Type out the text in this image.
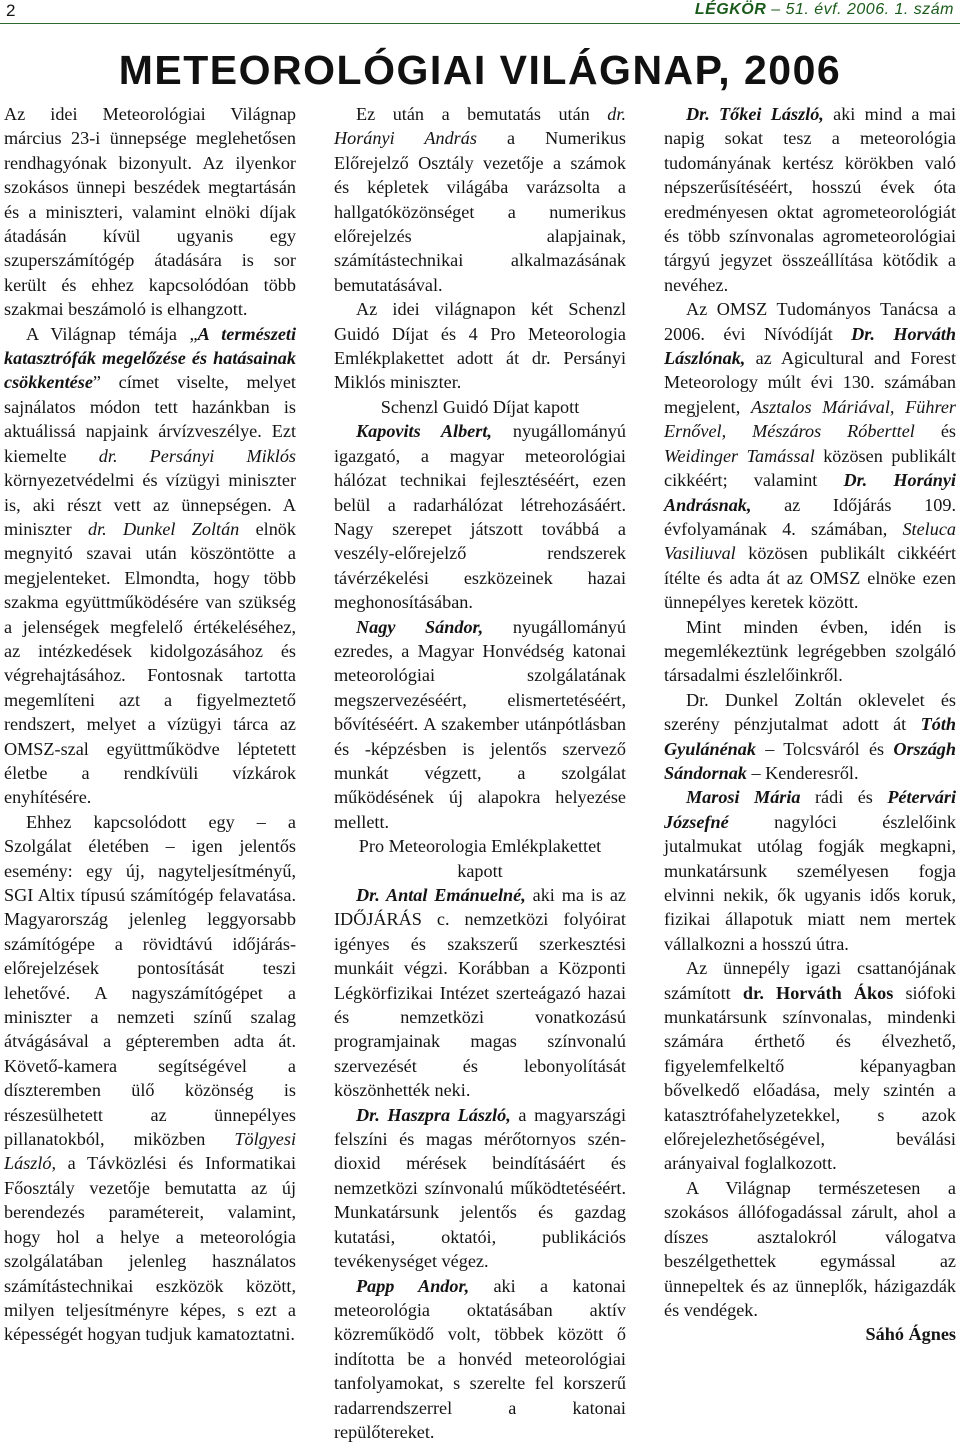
2	LÉGKÖR – 51. évf. 2006. 1. szám
METEOROLÓGIAI VILÁGNAP, 2006

Az idei Meteorológiai Világnap március 23-i ünnepsége meglehetősen rendhagyónak bizonyult. Az ilyenkor szokásos ünnepi beszédek megtartásán és a miniszteri, valamint elnöki díjak átadásán kívül ugyanis egy szuperszámítógép átadására is sor került és ehhez kapcsolódóan több szakmai beszámoló is elhangzott.

A Világnap témája „A természeti katasztrófák megelőzése és hatásainak csökkentése” címet viselte, melyet sajnálatos módon tett hazánkban is aktuálissá napjaink árvízveszélye. Ezt kiemelte dr. Persányi Miklós környezetvédelmi és vízügyi miniszter is, aki részt vett az ünnepségen. A miniszter dr. Dunkel Zoltán elnök megnyitó szavai után köszöntötte a megjelenteket. Elmondta, hogy több szakma együttműködésére van szükség a jelenségek megfelelő értékeléséhez, az intézkedések kidolgozásához és végrehajtásához. Fontosnak tartotta megemlíteni azt a figyelmeztető rendszert, melyet a vízügyi tárca az OMSZ-szal együttműködve léptetett életbe a rendkívüli vízkárok enyhítésére.

Ehhez kapcsolódott egy – a Szolgálat életében – igen jelentős esemény: egy új, nagyteljesítményű, SGI Altix típusú számítógép felavatása. Magyarország jelenleg leggyorsabb számítógépe a rövidtávú időjárás-előrejelzések pontosítását teszi lehetővé. A nagyszámítógépet a miniszter a nemzeti színű szalag átvágásával a gépteremben adta át. Követő-kamera segítségével a díszteremben ülő közönség is részesülhetett az ünnepélyes pillanatokból, miközben Tölgyesi László, a Távközlési és Informatikai Főosztály vezetője bemutatta az új berendezés paramétereit, valamint, hogy hol a helye a meteorológia szolgálatában jelenleg használatos számítástechnikai eszközök között, milyen teljesítményre képes, s ezt a képességét hogyan tudjuk kamatoztatni.

Ez után a bemutatás után dr. Horányi András a Numerikus Előrejelző Osztály vezetője a számok és képletek világába varázsolta a hallgatóközönséget a numerikus előrejelzés alapjainak, számítástechnikai alkalmazásának bemutatásával.

Az idei világnapon két Schenzl Guidó Díjat és 4 Pro Meteorologia Emlékplakettet adott át dr. Persányi Miklós miniszter.

Schenzl Guidó Díjat kapott

Kapovits Albert, nyugállományú igazgató, a magyar meteorológiai hálózat technikai fejlesztéséért, ezen belül a radarhálózat létrehozásáért. Nagy szerepet játszott továbbá a veszély-előrejelző rendszerek távérzékelési eszközeinek hazai meghonosításában.

Nagy Sándor, nyugállományú ezredes, a Magyar Honvédség katonai meteorológiai szolgálatának megszervezéséért, elismertetéséért, bővítéséért. A szakember utánpótlásban és -képzésben is jelentős szervező munkát végzett, a szolgálat működésének új alapokra helyezése mellett.

Pro Meteorologia Emlékplakettet kapott

Dr. Antal Emánuelné, aki ma is az IDŐJÁRÁS c. nemzetközi folyóirat igényes és szakszerű szerkesztési munkáit végzi. Korábban a Központi Légkörfizikai Intézet szerteágazó hazai és nemzetközi vonatkozású programjainak magas színvonalú szervezését és lebonyolítását köszönhették neki.

Dr. Haszpra László, a magyarszági felszíni és magas mérőtornyos szén-dioxid mérések beindításáért és nemzetközi színvonalú működtetéséért. Munkatársunk jelentős és gazdag kutatási, oktatói, publikációs tevékenységet végez.

Papp Andor, aki a katonai meteorológia oktatásában aktív közreműködő volt, többek között ő indította be a honvéd meteorológiai tanfolyamokat, s szerelte fel korszerű radarrendszerrel a katonai repülőtereket.

Dr. Tőkei László, aki mind a mai napig sokat tesz a meteorológia tudományának kertész körökben való népszerűsítéséért, hosszú évek óta eredményesen oktat agrometeorológiát és több színvonalas agrometeorológiai tárgyú jegyzet összeállítása kötődik a nevéhez.

Az OMSZ Tudományos Tanácsa a 2006. évi Nívódíját Dr. Horváth Lászlónak, az Agicultural and Forest Meteorology múlt évi 130. számában megjelent, Asztalos Máriával, Führer Ernővel, Mészáros Róberttel és Weidinger Tamással közösen publikált cikkéért; valamint Dr. Horányi Andrásnak, az Időjárás 109. évfolyamának 4. számában, Steluca Vasiliuval közösen publikált cikkéért ítélte és adta át az OMSZ elnöke ezen ünnepélyes keretek között.

Mint minden évben, idén is megemlékeztünk legrégebben szolgáló társadalmi észlelőinkről.

Dr. Dunkel Zoltán oklevelet és szerény pénzjutalmat adott át Tóth Gyulánénak – Tolcsváról és Országh Sándornak – Kenderesről.

Marosi Mária rádi és Pétervári Józsefné nagylóci észlelőink jutalmukat utólag fogják megkapni, munkatársunk személyesen fogja elvinni nekik, ők ugyanis idős koruk, fizikai állapotuk miatt nem mertek vállalkozni a hosszú útra.

Az ünnepély igazi csattanójának számított dr. Horváth Ákos siófoki munkatársunk színvonalas, mindenki számára érthető és élvezhető, figyelemfelkeltő képanyagban bővelkedő előadása, mely szintén a katasztrófahelyzetekkel, s azok előrejelezhetőségével, beválási arányaival foglalkozott.

A Világnap természetesen a szokásos állófogadással zárult, ahol a díszes asztalokról válogatva beszélgethettek egymással az ünnepeltek és az ünneplők, házigazdák és vendégek.

Sáhó Ágnes
